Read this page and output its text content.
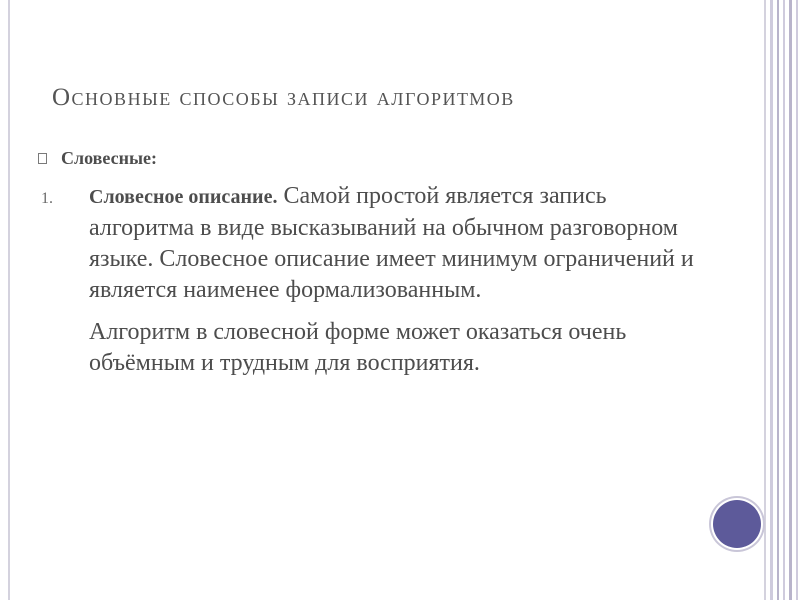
Основные способы записи алгоритмов
Словесные:
1. Словесное описание. Самой простой является запись алгоритма в виде высказываний на обычном разговорном языке. Словесное описание имеет минимум ограничений и является наименее формализованным.

Алгоритм в словесной форме может оказаться очень объёмным и трудным для восприятия.
